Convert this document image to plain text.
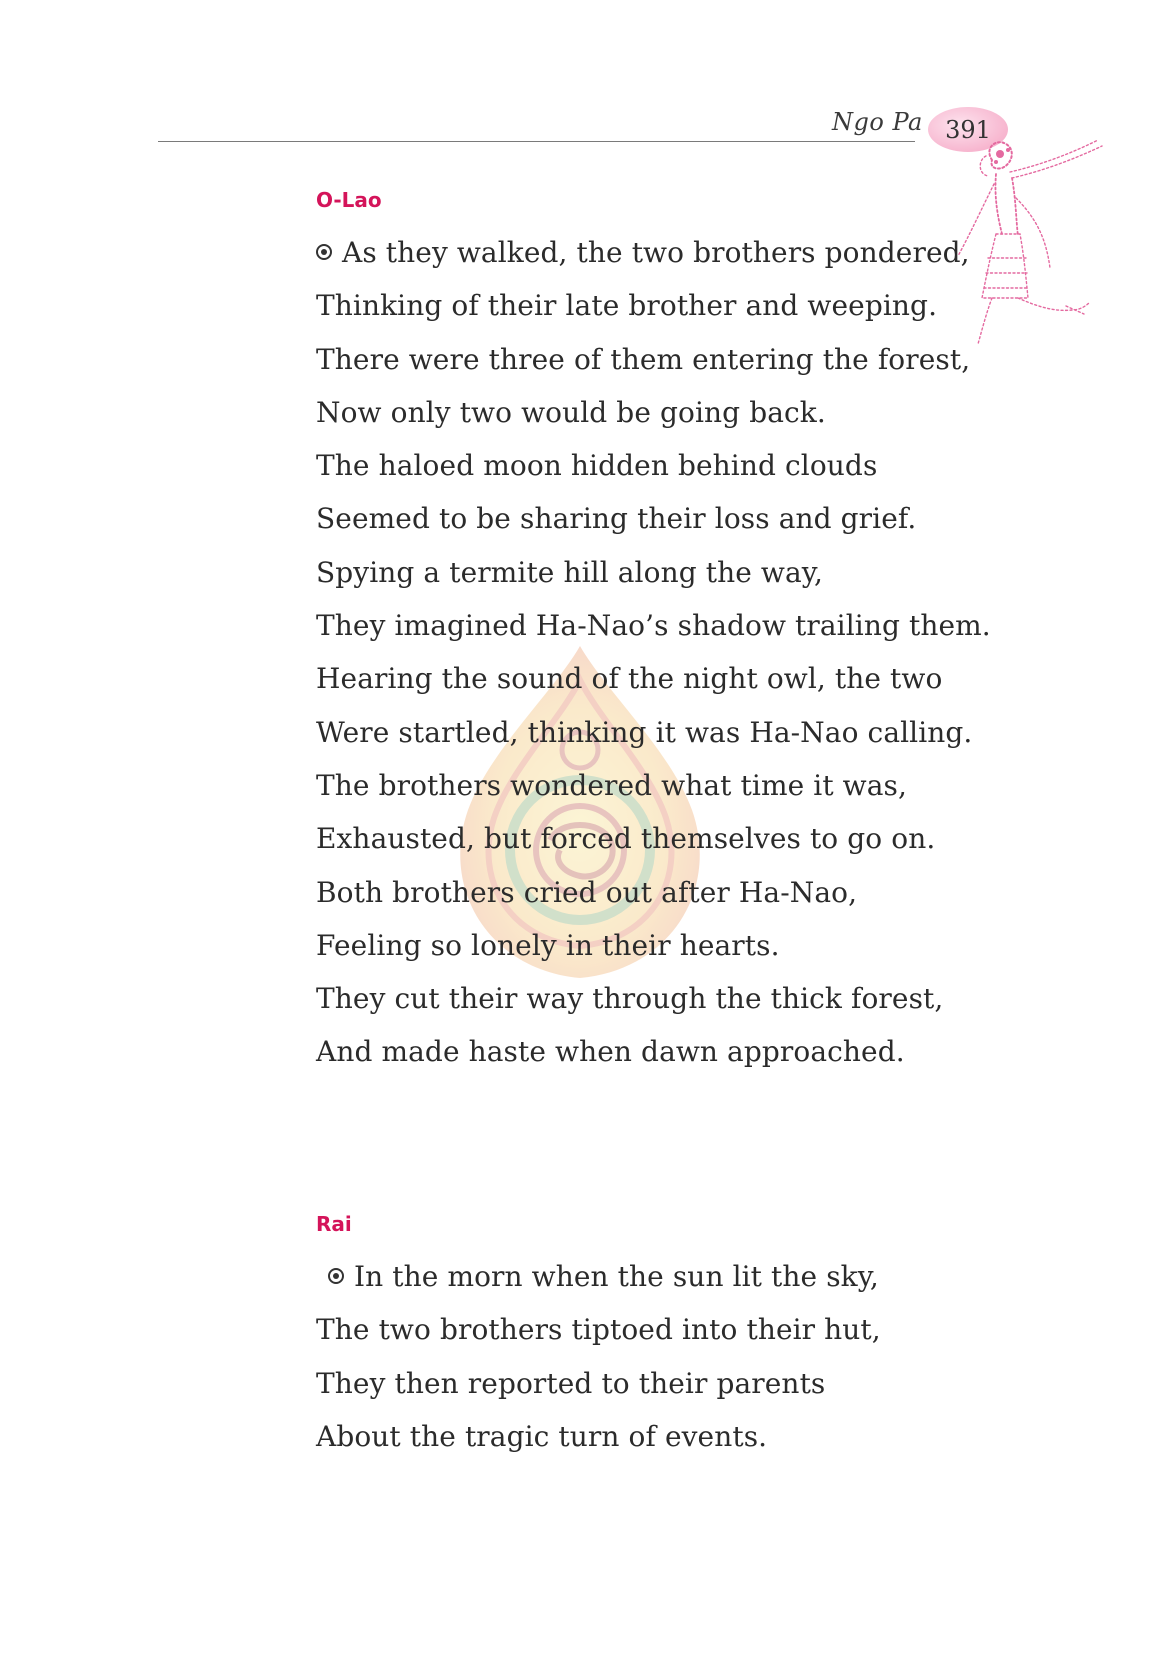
Ngo Pa 391
O-Lao
As they walked, the two brothers pondered,
Thinking of their late brother and weeping.
There were three of them entering the forest,
Now only two would be going back.
The haloed moon hidden behind clouds
Seemed to be sharing their loss and grief.
Spying a termite hill along the way,
They imagined Ha-Nao’s shadow trailing them.
Hearing the sound of the night owl, the two
Were startled, thinking it was Ha-Nao calling.
The brothers wondered what time it was,
Exhausted, but forced themselves to go on.
Both brothers cried out after Ha-Nao,
Feeling so lonely in their hearts.
They cut their way through the thick forest,
And made haste when dawn approached.
Rai
In the morn when the sun lit the sky,
The two brothers tiptoed into their hut,
They then reported to their parents
About the tragic turn of events.
